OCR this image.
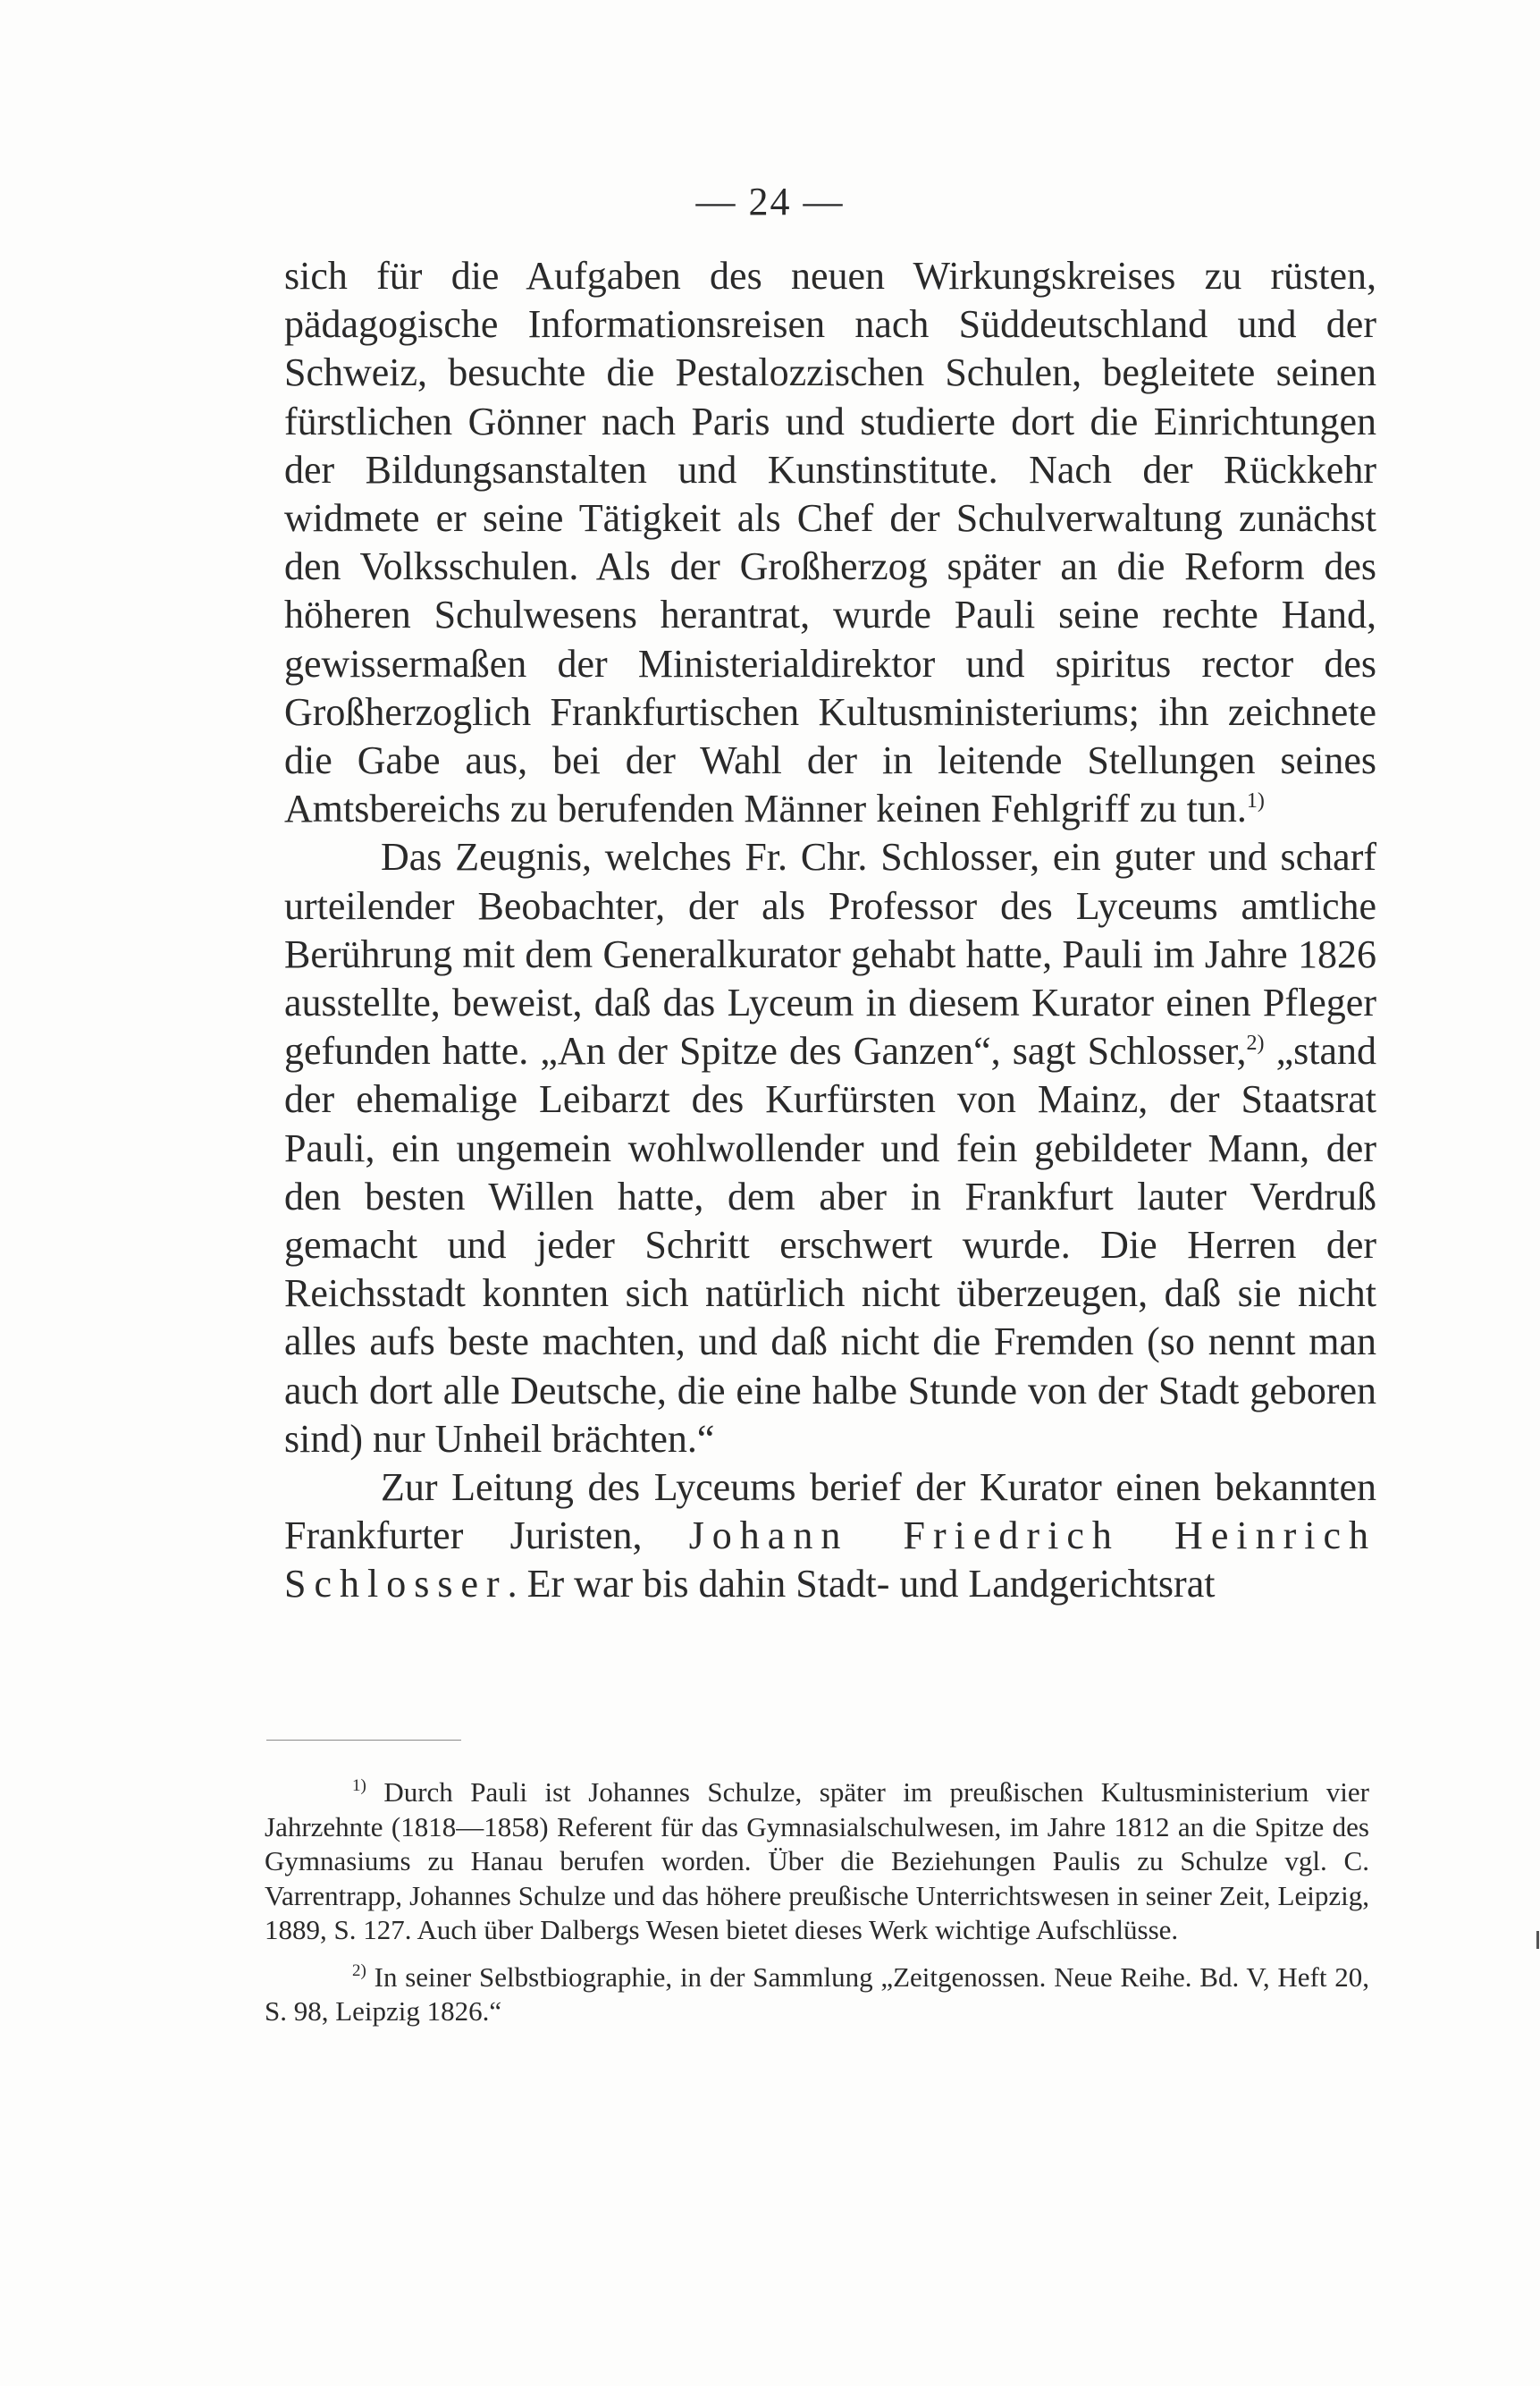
— 24 —

sich für die Aufgaben des neuen Wirkungskreises zu rüsten, pädagogische Informationsreisen nach Süddeutschland und der Schweiz, besuchte die Pestalozzischen Schulen, begleitete seinen fürstlichen Gönner nach Paris und studierte dort die Einrichtungen der Bildungsanstalten und Kunstinstitute. Nach der Rückkehr widmete er seine Tätigkeit als Chef der Schulverwaltung zunächst den Volksschulen. Als der Großherzog später an die Reform des höheren Schulwesens herantrat, wurde Pauli seine rechte Hand, gewissermaßen der Ministerialdirektor und spiritus rector des Großherzoglich Frankfurtischen Kultusministeriums; ihn zeichnete die Gabe aus, bei der Wahl der in leitende Stellungen seines Amtsbereichs zu berufenden Männer keinen Fehlgriff zu tun.$^{1)}$

Das Zeugnis, welches Fr. Chr. Schlosser, ein guter und scharf urteilender Beobachter, der als Professor des Lyceums amtliche Berührung mit dem Generalkurator gehabt hatte, Pauli im Jahre 1826 ausstellte, beweist, daß das Lyceum in diesem Kurator einen Pfleger gefunden hatte. „An der Spitze des Ganzen“, sagt Schlosser,$^{2)}$ „stand der ehemalige Leibarzt des Kurfürsten von Mainz, der Staatsrat Pauli, ein ungemein wohlwollender und fein gebildeter Mann, der den besten Willen hatte, dem aber in Frankfurt lauter Verdruß gemacht und jeder Schritt erschwert wurde. Die Herren der Reichsstadt konnten sich natürlich nicht überzeugen, daß sie nicht alles aufs beste machten, und daß nicht die Fremden (so nennt man auch dort alle Deutsche, die eine halbe Stunde von der Stadt geboren sind) nur Unheil brächten.“

Zur Leitung des Lyceums berief der Kurator einen bekannten Frankfurter Juristen, Johann Friedrich Heinrich Schlosser. Er war bis dahin Stadt- und Landgerichtsrat

$^{1)}$ Durch Pauli ist Johannes Schulze, später im preußischen Kultusministerium vier Jahrzehnte (1818—1858) Referent für das Gymnasialschulwesen, im Jahre 1812 an die Spitze des Gymnasiums zu Hanau berufen worden. Über die Beziehungen Paulis zu Schulze vgl. C. Varrentrapp, Johannes Schulze und das höhere preußische Unterrichtswesen in seiner Zeit, Leipzig, 1889, S. 127. Auch über Dalbergs Wesen bietet dieses Werk wichtige Aufschlüsse.

$^{2)}$ In seiner Selbstbiographie, in der Sammlung „Zeitgenossen. Neue Reihe. Bd. V, Heft 20, S. 98, Leipzig 1826.“
